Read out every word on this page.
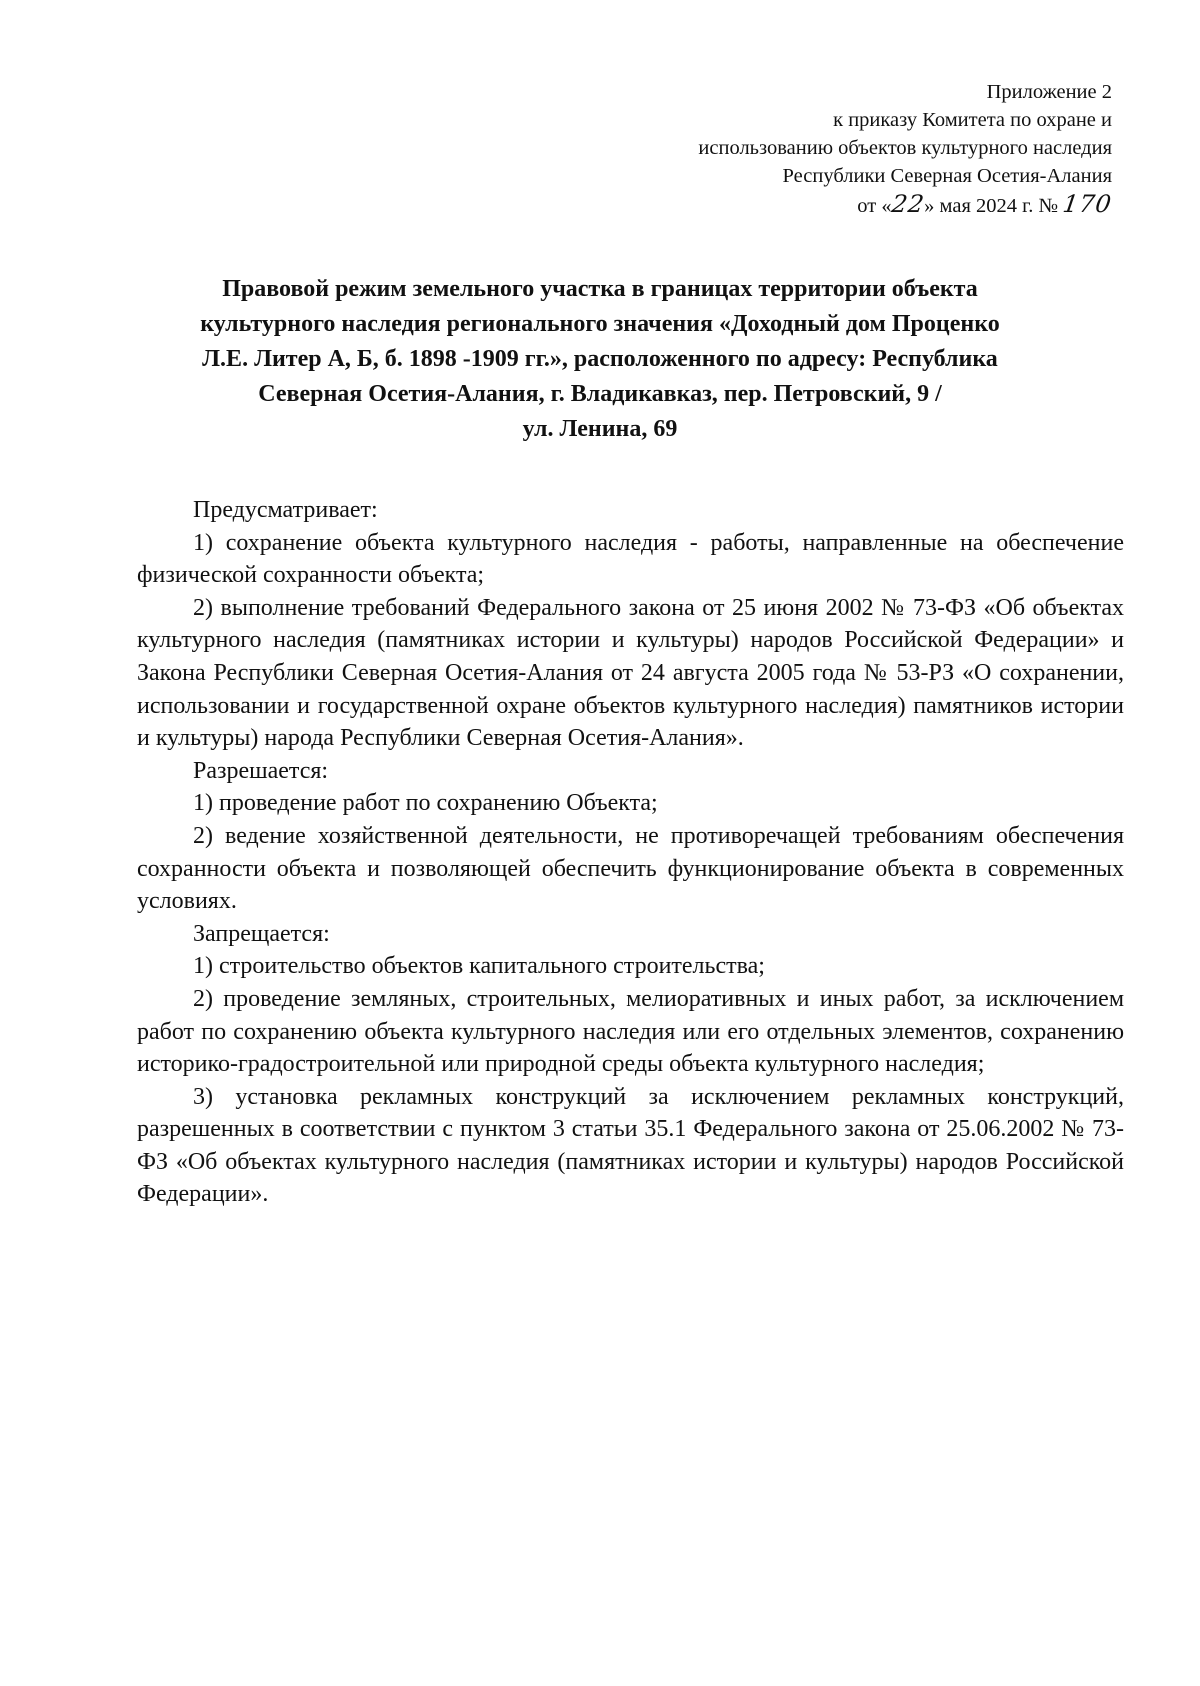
Приложение 2
к приказу Комитета по охране и
использованию объектов культурного наследия
Республики Северная Осетия-Алания
от «22» мая 2024 г. № 170
Правовой режим земельного участка в границах территории объекта
культурного наследия регионального значения «Доходный дом Проценко
Л.Е. Литер А, Б, б. 1898 -1909 гг.», расположенного по адресу: Республика
Северная Осетия-Алания, г. Владикавказ, пер. Петровский, 9 /
ул. Ленина, 69

Предусматривает:

1) сохранение объекта культурного наследия - работы, направленные на обеспечение физической сохранности объекта;

2) выполнение требований Федерального закона от 25 июня 2002 № 73-ФЗ «Об объектах культурного наследия (памятниках истории и культуры) народов Российской Федерации» и Закона Республики Северная Осетия-Алания от 24 августа 2005 года № 53-РЗ «О сохранении, использовании и государственной охране объектов культурного наследия) памятников истории и культуры) народа Республики Северная Осетия-Алания».

Разрешается:

1) проведение работ по сохранению Объекта;

2) ведение хозяйственной деятельности, не противоречащей требованиям обеспечения сохранности объекта и позволяющей обеспечить функционирование объекта в современных условиях.

Запрещается:

1) строительство объектов капитального строительства;

2) проведение земляных, строительных, мелиоративных и иных работ, за исключением работ по сохранению объекта культурного наследия или его отдельных элементов, сохранению историко-градостроительной или природной среды объекта культурного наследия;

3) установка рекламных конструкций за исключением рекламных конструкций, разрешенных в соответствии с пунктом 3 статьи 35.1 Федерального закона от 25.06.2002 № 73-ФЗ «Об объектах культурного наследия (памятниках истории и культуры) народов Российской Федерации».
